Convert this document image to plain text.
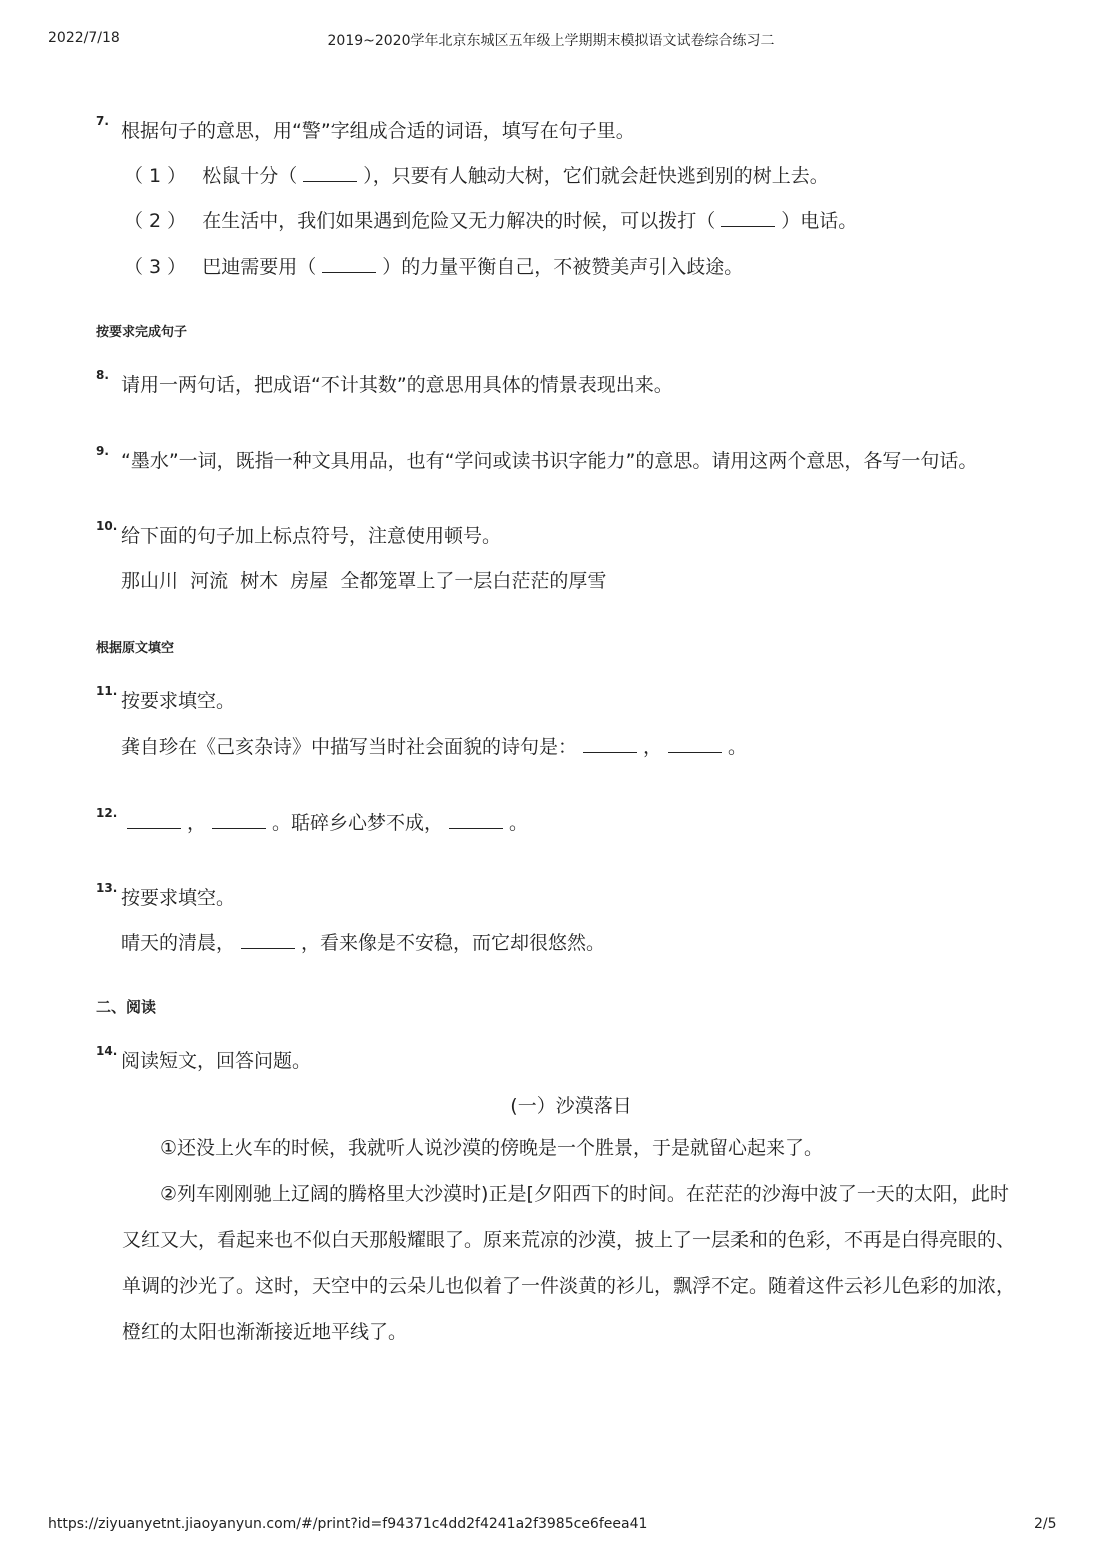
2022/7/18	2019~2020学年北京东城区五年级上学期期末模拟语文试卷综合练习二
7. 根据句子的意思，用“警”字组成合适的词语，填写在句子里。
（ 1 ） 松鼠十分（	），只要有人触动大树，它们就会赶快逃到别的树上去。
（ 2 ） 在生活中，我们如果遇到危险又无力解决的时候，可以拨打（	）电话。
（ 3 ） 巴迪需要用（	）的力量平衡自己，不被赞美声引入歧途。
按要求完成句子
8. 请用一两句话，把成语“不计其数”的意思用具体的情景表现出来。
9. “墨水”一词，既指一种文具用品，也有“学问或读书识字能力”的意思。请用这两个意思，各写一句话。
10. 给下面的句子加上标点符号，注意使用顿号。
那山川  河流  树木  房屋  全都笼罩上了一层白茫茫的厚雪
根据原文填空
11. 按要求填空。
龚自珍在《己亥杂诗》中描写当时社会面貌的诗句是：	，	。
12.	，	。聒碎乡心梦不成，	。
13. 按要求填空。
晴天的清晨，	，看来像是不安稳，而它却很悠然。
二、阅读
14. 阅读短文，回答问题。
(一）沙漠落日
①还没上火车的时候，我就听人说沙漠的傍晚是一个胜景，于是就留心起来了。
②列车刚刚驰上辽阔的腾格里大沙漠时)正是[夕阳西下的时间。在茫茫的沙海中波了一天的太阳，此时又红又大，看起来也不似白天那般耀眼了。原来荒凉的沙漠，披上了一层柔和的色彩，不再是白得亮眼的、单调的沙光了。这时，天空中的云朵儿也似着了一件淡黄的衫儿，飘浮不定。随着这件云衫儿色彩的加浓，橙红的太阳也渐渐接近地平线了。
https://ziyuanyetnt.jiaoyanyun.com/#/print?id=f94371c4dd2f4241a2f3985ce6feea41	2/5
